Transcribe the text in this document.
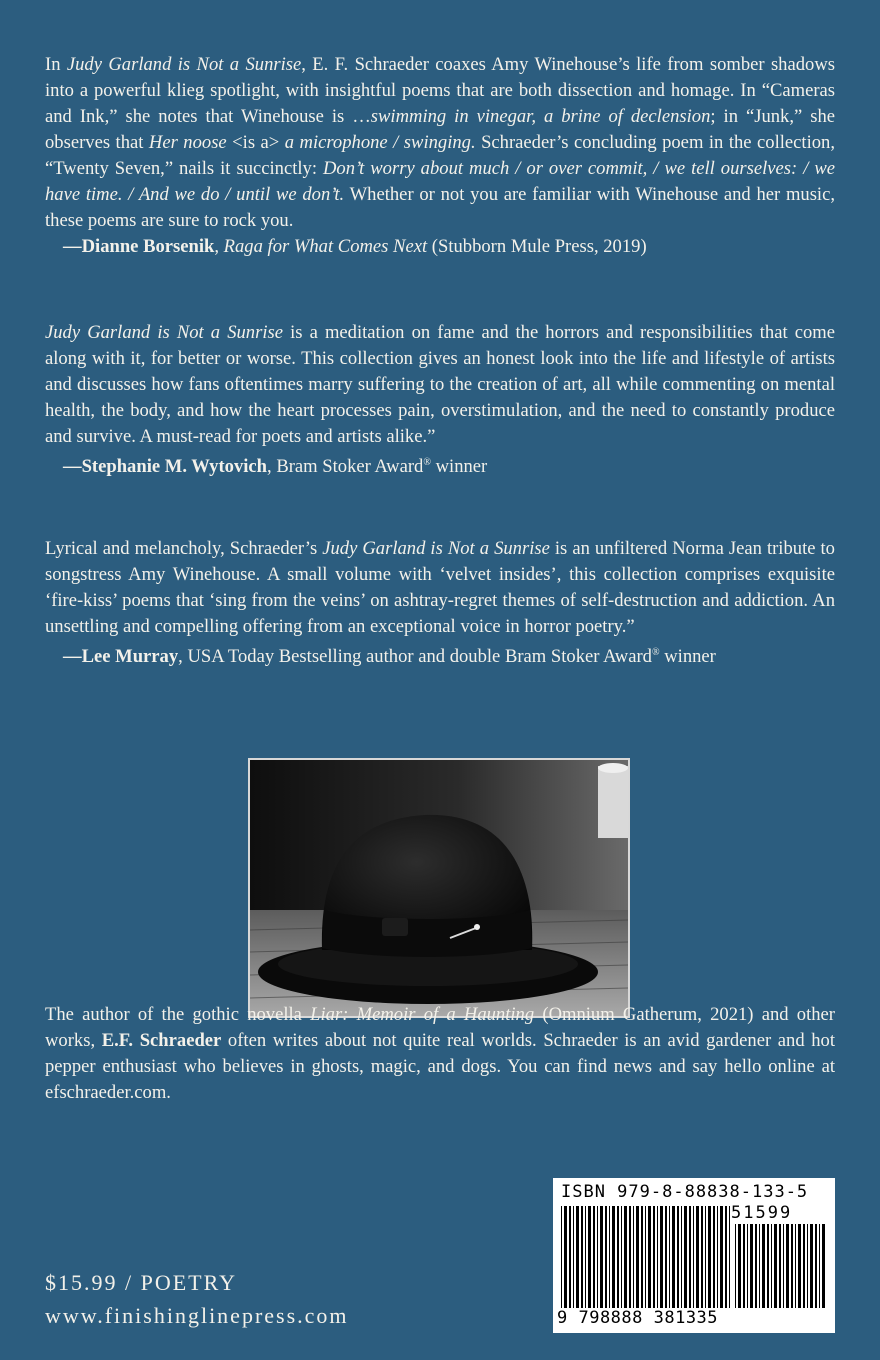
In Judy Garland is Not a Sunrise, E. F. Schraeder coaxes Amy Winehouse’s life from somber shadows into a powerful klieg spotlight, with insightful poems that are both dissection and homage. In “Cameras and Ink,” she notes that Winehouse is …swimming in vinegar, a brine of declension; in “Junk,” she observes that Her noose <is a> a microphone / swinging. Schraeder’s concluding poem in the collection, “Twenty Seven,” nails it succinctly: Don’t worry about much / or over commit, / we tell ourselves: / we have time. / And we do / until we don’t. Whether or not you are familiar with Winehouse and her music, these poems are sure to rock you.

—Dianne Borsenik, Raga for What Comes Next (Stubborn Mule Press, 2019)

Judy Garland is Not a Sunrise is a meditation on fame and the horrors and responsibilities that come along with it, for better or worse. This collection gives an honest look into the life and lifestyle of artists and discusses how fans oftentimes marry suffering to the creation of art, all while commenting on mental health, the body, and how the heart processes pain, overstimulation, and the need to constantly produce and survive. A must-read for poets and artists alike.”

—Stephanie M. Wytovich, Bram Stoker Award® winner

Lyrical and melancholy, Schraeder’s Judy Garland is Not a Sunrise is an unfiltered Norma Jean tribute to songstress Amy Winehouse. A small volume with ‘velvet insides’, this collection comprises exquisite ‘fire-kiss’ poems that ‘sing from the veins’ on ashtray-regret themes of self-destruction and addiction. An unsettling and compelling offering from an exceptional voice in horror poetry.”

—Lee Murray, USA Today Bestselling author and double Bram Stoker Award® winner

The author of the gothic novella Liar: Memoir of a Haunting (Omnium Gatherum, 2021) and other works, E.F. Schraeder often writes about not quite real worlds. Schraeder is an avid gardener and hot pepper enthusiast who believes in ghosts, magic, and dogs. You can find news and say hello online at efschraeder.com.

$15.99 / POETRY
www.finishinglinepress.com
ISBN 979-8-88838-133-5
51599
9 798888 381335
